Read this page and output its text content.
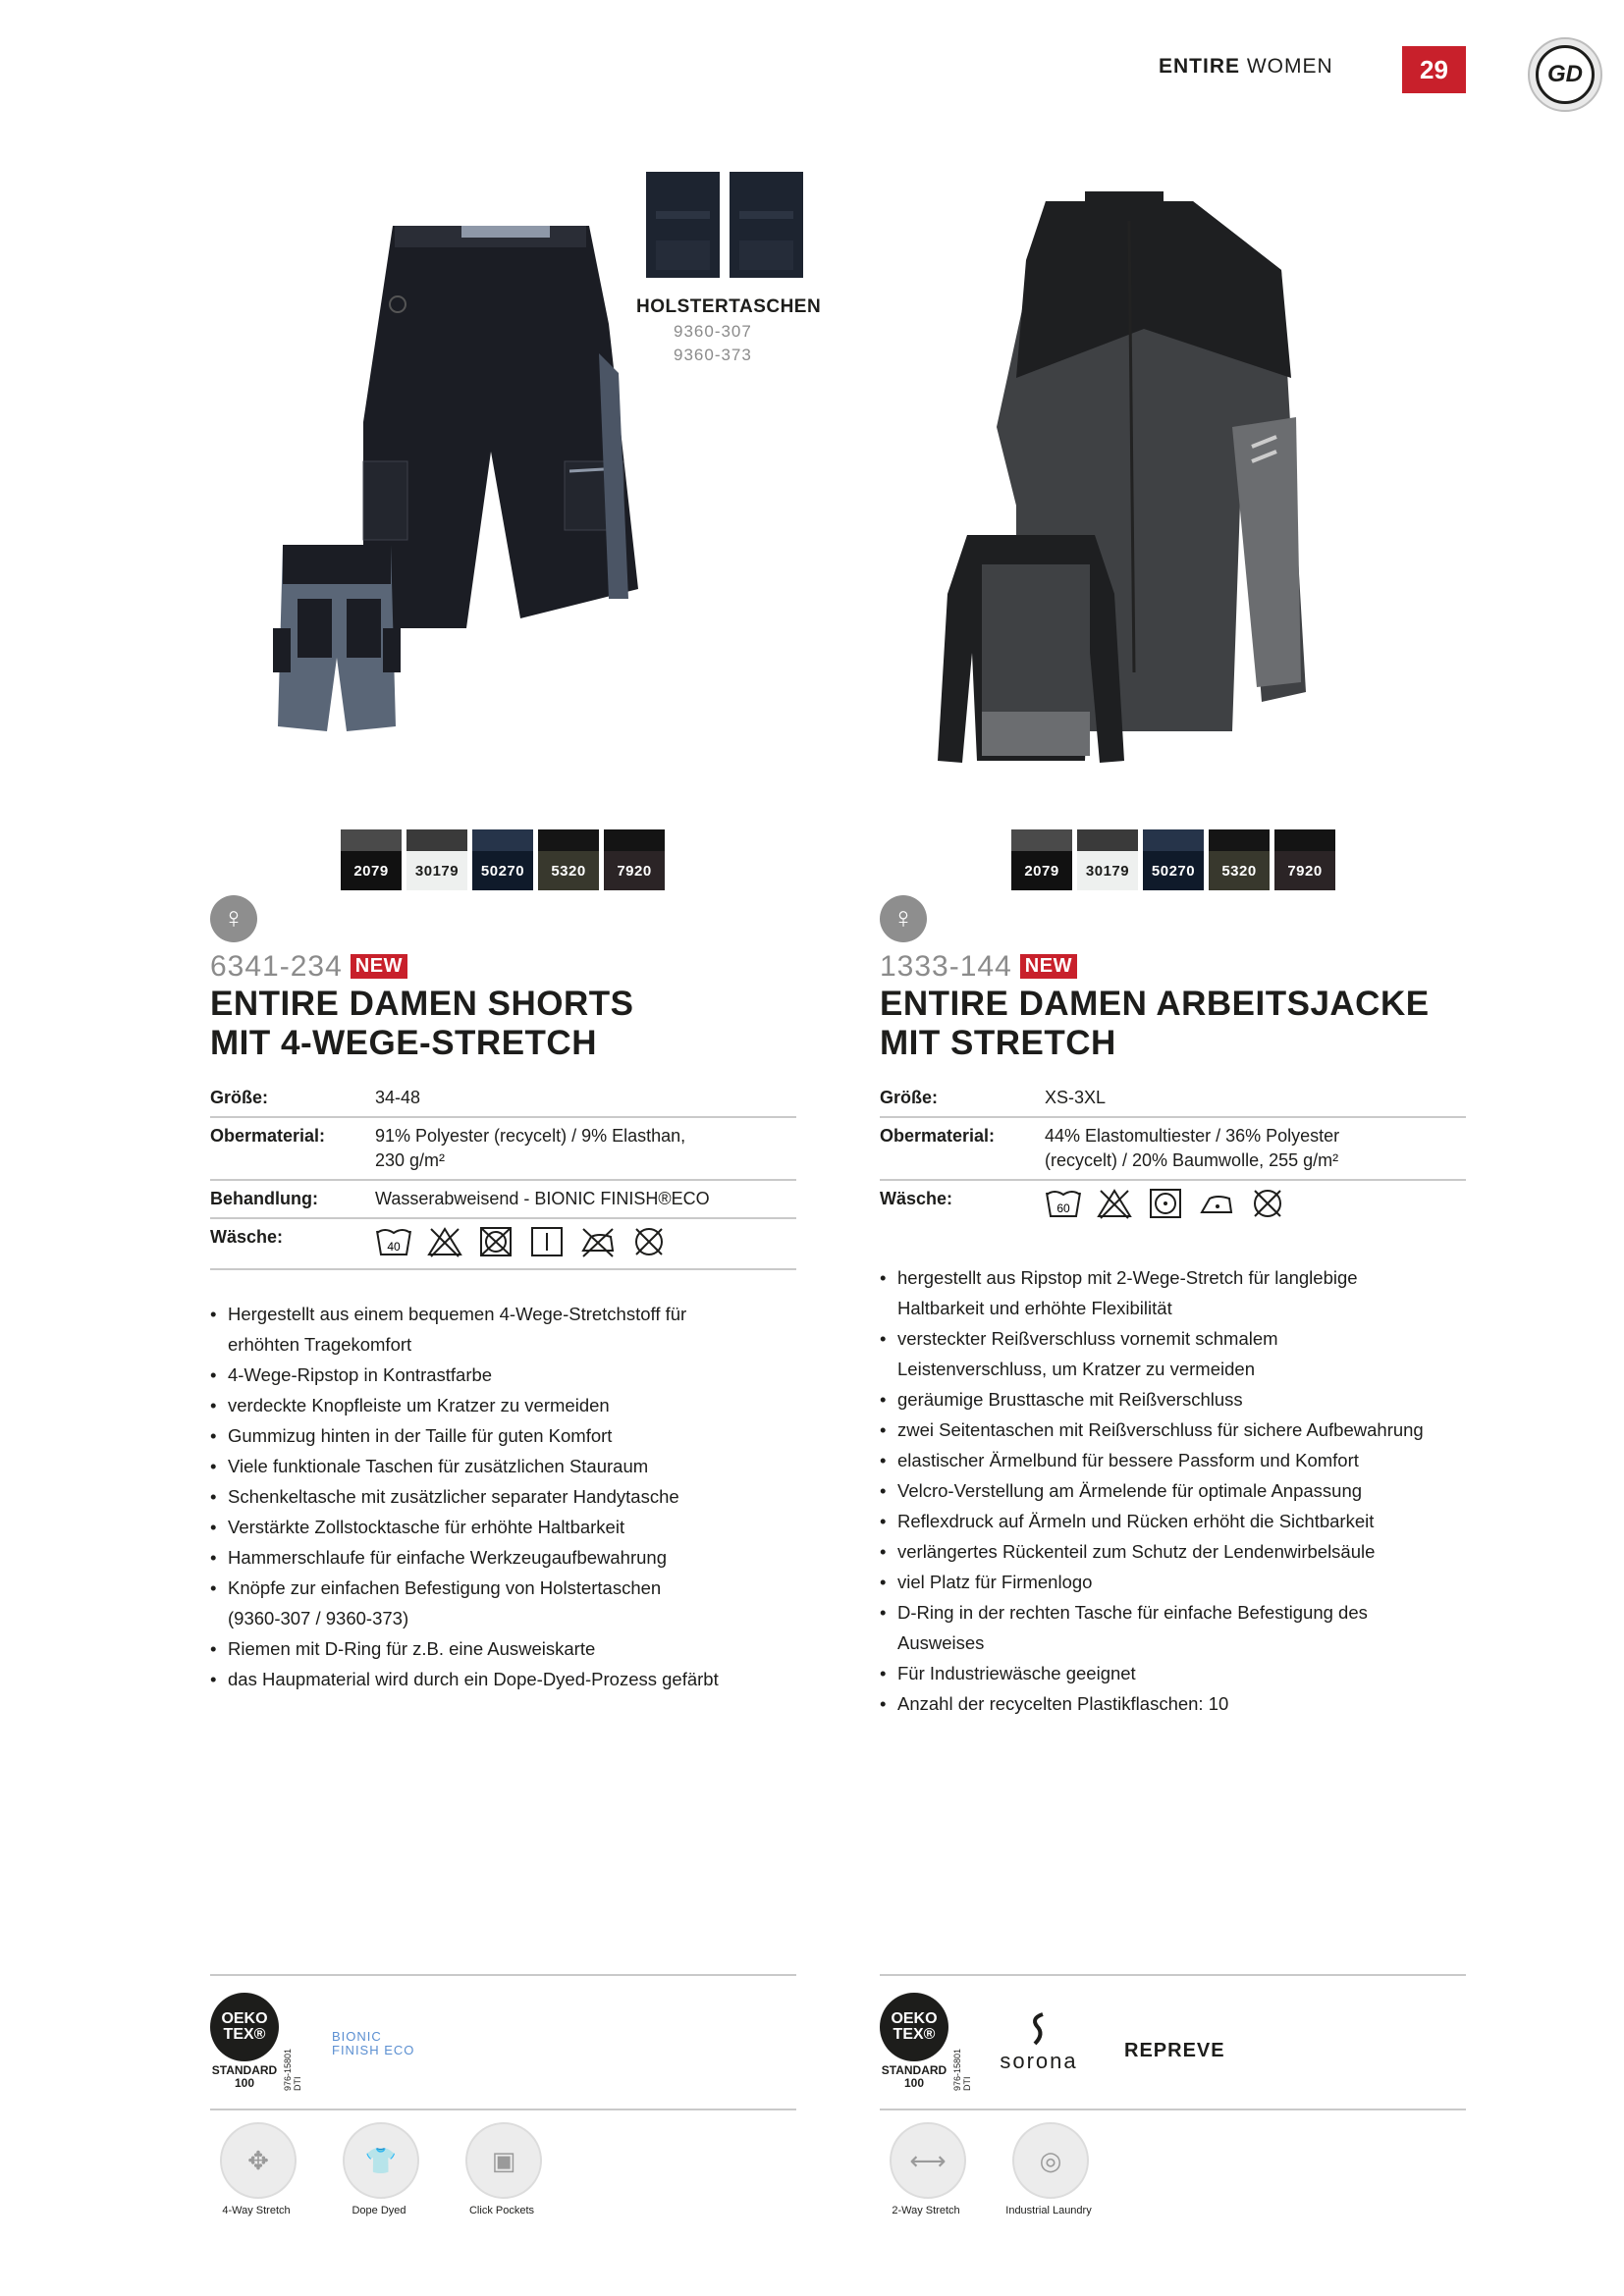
ENTIRE WOMEN	29	GD
HOLSTERTASCHEN
9360-307
9360-373
2079	30179	50270	5320	7920	2079	30179	50270	5320	7920
♀
6341-234 NEW
ENTIRE DAMEN SHORTS
MIT 4-WEGE-STRETCH
Größe:	34-48
Obermaterial:	91% Polyester (recycelt) / 9% Elasthan,
230 g/m²
Behandlung:	Wasserabweisend - BIONIC FINISH®ECO
Wäsche:	40
• Hergestellt aus einem bequemen 4-Wege-Stretchstoff für
erhöhten Tragekomfort
• 4-Wege-Ripstop in Kontrastfarbe
• verdeckte Knopfleiste um Kratzer zu vermeiden
• Gummizug hinten in der Taille für guten Komfort
• Viele funktionale Taschen für zusätzlichen Stauraum
• Schenkeltasche mit zusätzlicher separater Handytasche
• Verstärkte Zollstocktasche für erhöhte Haltbarkeit
• Hammerschlaufe für einfache Werkzeugaufbewahrung
• Knöpfe zur einfachen Befestigung von Holstertaschen
(9360-307 / 9360-373)
• Riemen mit D-Ring für z.B. eine Ausweiskarte
• das Haupmaterial wird durch ein Dope-Dyed-Prozess gefärbt
♀
1333-144 NEW
ENTIRE DAMEN ARBEITSJACKE
MIT STRETCH
Größe:	XS-3XL
Obermaterial:	44% Elastomultiester / 36% Polyester
(recycelt) / 20% Baumwolle, 255 g/m²
Wäsche:	60
• hergestellt aus Ripstop mit 2-Wege-Stretch für langlebige
Haltbarkeit und erhöhte Flexibilität
• versteckter Reißverschluss vornemit schmalem
Leistenverschluss, um Kratzer zu vermeiden
• geräumige Brusttasche mit Reißverschluss
• zwei Seitentaschen mit Reißverschluss für sichere Aufbewahrung
• elastischer Ärmelbund für bessere Passform und Komfort
• Velcro-Verstellung am Ärmelende für optimale Anpassung
• Reflexdruck auf Ärmeln und Rücken erhöht die Sichtbarkeit
• verlängertes Rückenteil zum Schutz der Lendenwirbelsäule
• viel Platz für Firmenlogo
• D-Ring in der rechten Tasche für einfache Befestigung des
Ausweises
• Für Industriewäsche geeignet
• Anzahl der recycelten Plastikflaschen: 10
OEKO
TEX®
STANDARD
100	976-15801 DTI
BIONIC
FINISH ECO
OEKO
TEX®
STANDARD
100	976-15801 DTI
sorona REPREVE
✥
4-Way Stretch
👕
Dope Dyed
▣
Click Pockets
⟷
2-Way Stretch
◎
Industrial Laundry
